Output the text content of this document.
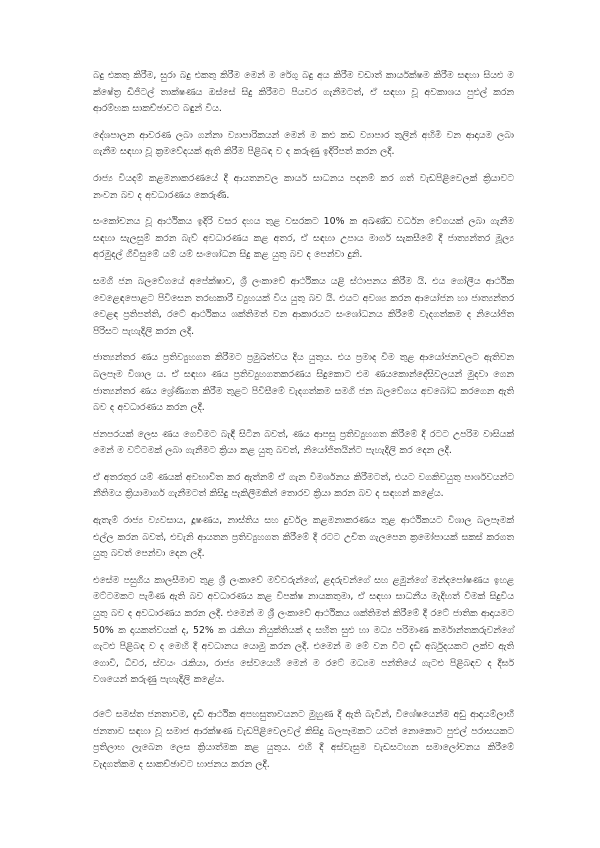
බදු එකතු කිරීම, සුරා බදු එකතු කිරීම මෙන් ම රේගු බදු අය කිරීම වඩාත් කාර්යක්ෂම කිරීම සඳහා සියළු ම ක්ෂේත්‍ර ඩිජිටල් තාක්ෂණය ඔස්සේ සිදු කිරීමට පියවර ගැනීමටත්, ඒ සඳහා වූ අවකාශය පුළුල් කරන ආරම්භක සාකච්ඡාවට බඳුන් විය.

දේශපාලන ආවරණ ලබා ගන්නා ව්‍යාපාරිකයන් මෙන් ම කළු කඩ ව්‍යාපාර තුලින් අහිමි වන ආදායම ලබා ගැනීම සඳහා වූ ක්‍රමවේදයක් ඇති කිරීම පිළිබඳ ව ද කරුණු ඉදිරිපත් කරන ලදී.

රාජ්‍ය වියදම් කළමනාකරණයේ දී ආයතනවල කාර්ය සාධනය පදනම් කර ගත් වැඩපිළිවෙලක් ක්‍රියාවට නංවන බව ද අවධාරණය කෙරුණි.

සංකෝචනය වූ ආර්ථිකය ඉදිරි වසර දහය තුළ වසරකට 10% ක අඛණ්ඩ වර්ධන වේගයක් ලබා ගැනීම සඳහා සැලසුම් කරන බැව් අවධාරණය කළ අතර, ඒ සඳහා උපාය මාර්ග සැකසීමේ දී ජාත්‍යන්තර මූල්‍ය අරමුදල් ගිවිසුමේ යම් යම් සංශෝධන සිදු කළ යුතු බව ද පෙන්වා දුනි.

සමගි ජන බලවේගයේ අපේක්ෂාව, ශ්‍රී ලංකාවේ ආර්ථිකය යළි ස්ථාපනය කිරීම යි. එය ගෝලීය ආර්ථික වෙළෙඳපොළට පිවිසෙන තරඟකාරී ව්‍යුහයක් විය යුතු බව යි. එයට අවශ්‍ය කරන ආයෝජන හා ජාත්‍යන්තර වෙළඳ ප්‍රතිපත්ති, රටේ ආර්ථිකය ශක්තිමත් වන ආකාරයට සංශෝධනය කිරීමේ වැදගත්කම ද නියෝජිත පිරිසට පැහැදිලි කරන ලදී.

ජාත්‍යන්තර ණය ප්‍රතිව්‍යුහගත කිරීමට ප්‍රමුඛත්වය දිය යුතුය. එය ප්‍රමාද වීම තුළ ආයෝජනවලට ඇතිවන බලපෑම විශාල ය. ඒ සඳහා ණය ප්‍රතිව්‍යුහගතකරණය සිදුකොට එම ණයකොන්දේසිවලයන් මුදවා ගෙන ජාත්‍යන්තර ණය ශ්‍රේණිගත කිරීම තුළට පිවිසීමේ වැදගත්කම සමගි ජන බලවේගය අවබෝධ කරගෙන ඇති බව ද අවධාරණය කරන ලදී.

ජනපරයක් ලෙස ණය ගෙවීමට බැඳී සිටින බවත්, ණය ආපසු ප්‍රතිව්‍යුහගත කිරීමේ දී රටට උපරිම වාසියක් මෙන් ම වට්ටමක් ලබා ගැනීමට ක්‍රියා කළ යුතු බවත්, නියෝජිතයින්ට පැහැදිලි කර දෙන ලදී.

ඒ අතරතුර යම් ණයක් අවභාවිත කර ඇත්නම් ඒ ගැන විමර්ශනය කිරීමටත්, එයට වගකිවයුතු පාර්ශවයන්ට නීතිමය ක්‍රියාමාර්ග ගැනීමටත් කිසිදු පැකිලීමකින් තොරව ක්‍රියා කරන බව ද සඳහන් කළේය.

ඇතැම් රාජ්‍ය ව්‍යවසාය, දූෂණය, නාස්තිය සහ දුර්වල කළමනාකරණය තුළ ආර්ථිකයට විශාල බලපෑමක් එල්ල කරන බවත්, එවැනි ආයතන ප්‍රතිව්‍යුහගත කිරීමේ දී රටට උචිත ගැලපෙන ක්‍රමෝපායක් සකස් කරගත යුතු බවත් පෙන්වා දෙන ලදී.

එසේම පසුගිය කාලසීමාව තුළ ශ්‍රී ලංකාවේ මව්වරුන්ගේ, ළදරුවන්ගේ සහ ළමුන්ගේ මන්දපෝෂණය ඉහළ මට්ටමකට පැමිණ ඇති බව අවධාරණය කළ විපක්ෂ නායකතුමා, ඒ සඳහා සාධනීය මැදිහත් වීමක් සිදුවිය යුතු බව ද අවධාරණය කරන ලදී. එමෙන් ම ශ්‍රී ලංකාවේ ආර්ථිකය ශක්තිමත් කිරීමේ දී රටේ ජාතික ආදායමට 50% ක දායකත්වයක් ද, 52% ක රැකියා නියුක්තියක් ද සහිත සුළු හා මධ්‍ය පරිමාණ කර්මාන්තකරුවන්ගේ ගැටළු පිළිබඳ ව ද මෙහි දී අවධානය යොමු කරන ලදී. එමෙන් ම මේ වන විට දැඩි අර්බුදයකට ලක්ව ඇති ගොවි, ධීවර, ස්වයං රැකියා, රාජ්‍ය සේවයෙහි මෙන් ම රටේ මධ්‍යම පන්තියේ ගැටළු පිළිබඳව ද දීර්ඝ වශයෙන් කරුණු පැහැදිලි කළේය.

රටේ සමස්ත ජනතාවම, දැඩි ආර්ථික අපහසුතාවයනට මුහුණ දී ඇති බැවින්, විශේෂයෙන්ම අඩු ආදායම්ලාභී ජනතාව සඳහා වූ සමාජ ආරක්ෂණ වැඩපිළිවෙලවල් කිසිදු බලපෑමකට යටත් නොකොට පුළුල් පරාසයකට ප්‍රතිලාභ ලැබෙන ලෙස ක්‍රියාත්මක කළ යුතුය. එහි දී අස්වැසුම වැඩසටහන සමාලෝචනය කිරීමේ වැදගත්කම ද සාකච්ඡාවට භාජනය කරන ලදී.
